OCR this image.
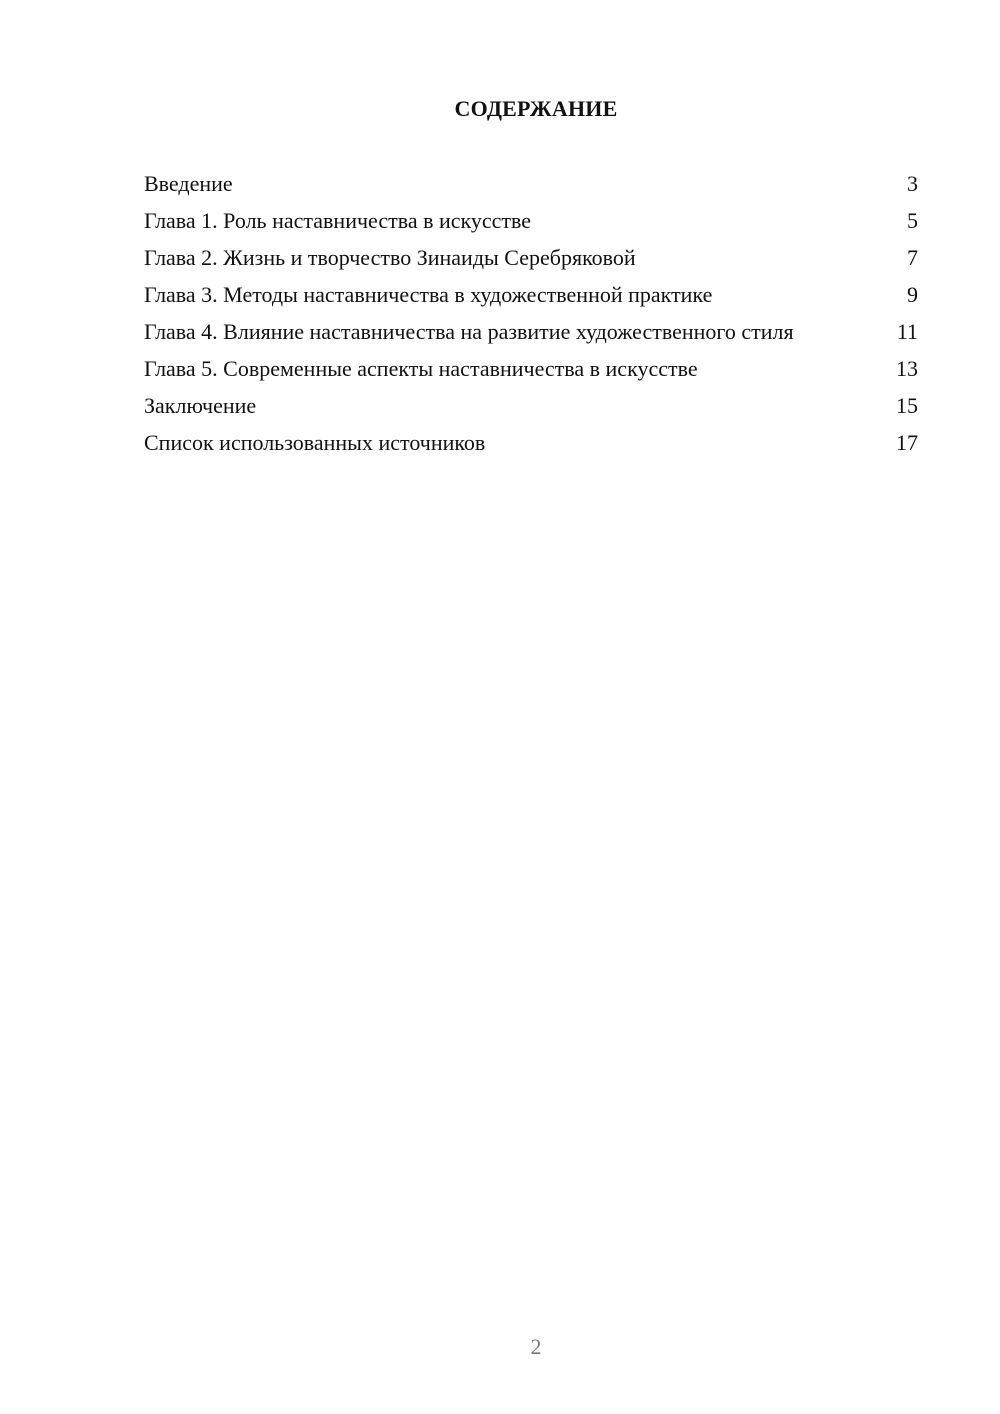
СОДЕРЖАНИЕ
Введение	3
Глава 1. Роль наставничества в искусстве	5
Глава 2. Жизнь и творчество Зинаиды Серебряковой	7
Глава 3. Методы наставничества в художественной практике	9
Глава 4. Влияние наставничества на развитие художественного стиля	11
Глава 5. Современные аспекты наставничества в искусстве	13
Заключение	15
Список использованных источников	17
2
